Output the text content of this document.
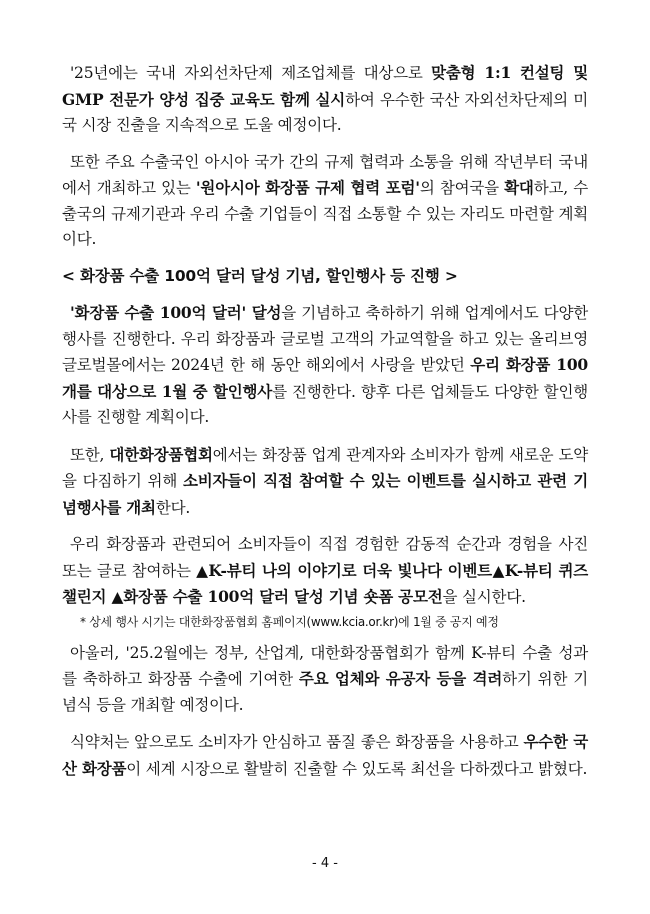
'25년에는 국내 자외선차단제 제조업체를 대상으로 맞춤형 1:1 컨설팅 및 GMP 전문가 양성 집중 교육도 함께 실시하여 우수한 국산 자외선차단제의 미국 시장 진출을 지속적으로 도울 예정이다.

또한 주요 수출국인 아시아 국가 간의 규제 협력과 소통을 위해 작년부터 국내에서 개최하고 있는 '원아시아 화장품 규제 협력 포럼'의 참여국을 확대하고, 수출국의 규제기관과 우리 수출 기업들이 직접 소통할 수 있는 자리도 마련할 계획이다.

< 화장품 수출 100억 달러 달성 기념, 할인행사 등 진행 >

'화장품 수출 100억 달러' 달성을 기념하고 축하하기 위해 업계에서도 다양한 행사를 진행한다. 우리 화장품과 글로벌 고객의 가교역할을 하고 있는 올리브영 글로벌몰에서는 2024년 한 해 동안 해외에서 사랑을 받았던 우리 화장품 100개를 대상으로 1월 중 할인행사를 진행한다. 향후 다른 업체들도 다양한 할인행사를 진행할 계획이다.

또한, 대한화장품협회에서는 화장품 업계 관계자와 소비자가 함께 새로운 도약을 다짐하기 위해 소비자들이 직접 참여할 수 있는 이벤트를 실시하고 관련 기념행사를 개최한다.

우리 화장품과 관련되어 소비자들이 직접 경험한 감동적 순간과 경험을 사진 또는 글로 참여하는 ▲K-뷰티 나의 이야기로 더욱 빛나다 이벤트▲K-뷰티 퀴즈 챌린지 ▲화장품 수출 100억 달러 달성 기념 숏폼 공모전을 실시한다.

* 상세 행사 시기는 대한화장품협회 홈페이지(www.kcia.or.kr)에 1월 중 공지 예정

아울러, '25.2월에는 정부, 산업계, 대한화장품협회가 함께 K-뷰티 수출 성과를 축하하고 화장품 수출에 기여한 주요 업체와 유공자 등을 격려하기 위한 기념식 등을 개최할 예정이다.

식약처는 앞으로도 소비자가 안심하고 품질 좋은 화장품을 사용하고 우수한 국산 화장품이 세계 시장으로 활발히 진출할 수 있도록 최선을 다하겠다고 밝혔다.

- 4 -
